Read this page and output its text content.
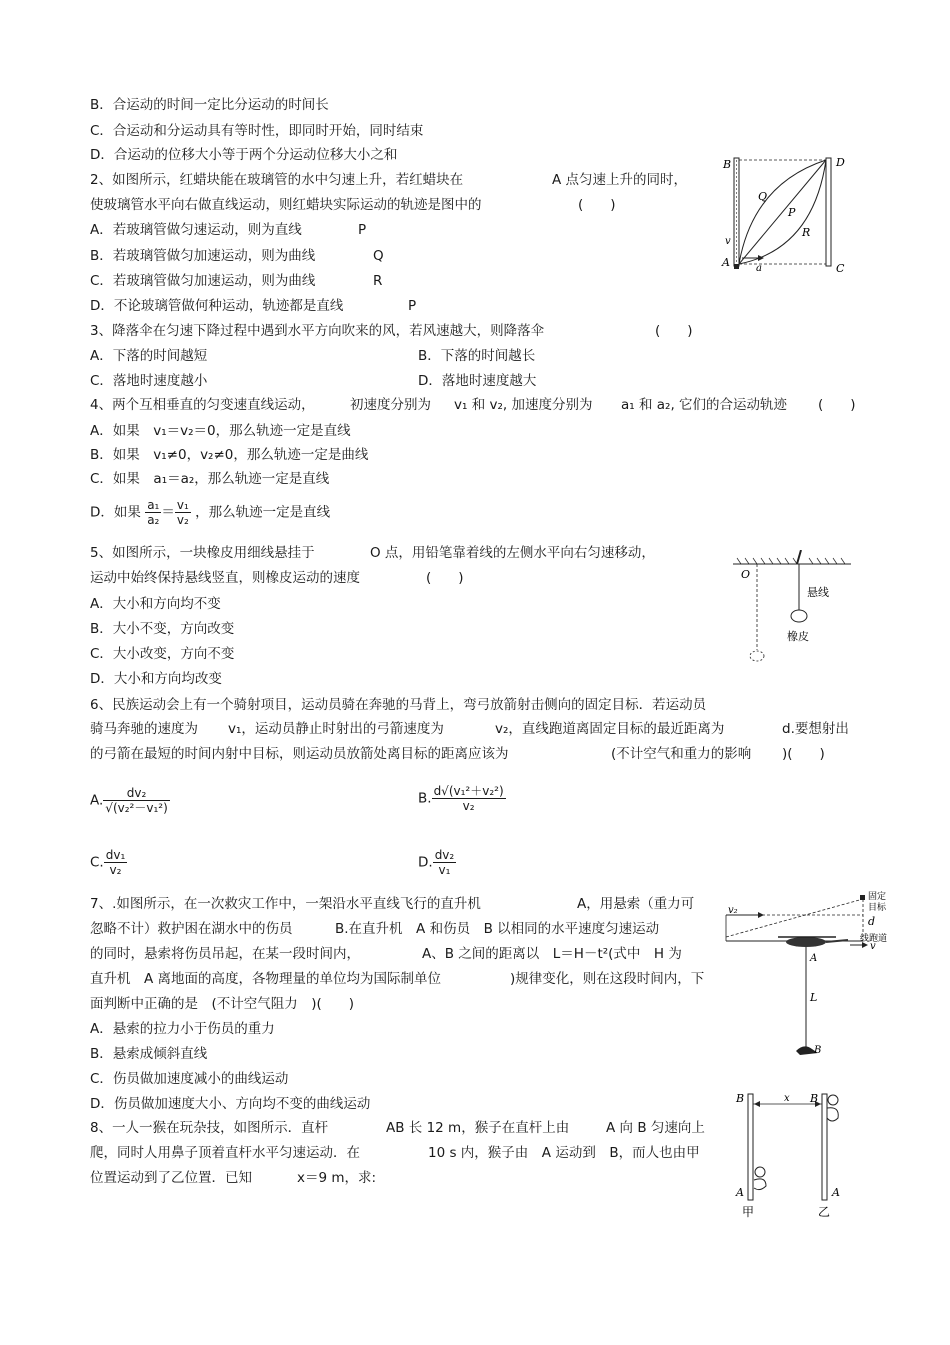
B．合运动的时间一定比分运动的时间长
C．合运动和分运动具有等时性，即同时开始，同时结束
D．合运动的位移大小等于两个分运动位移大小之和
2、如图所示，红蜡块能在玻璃管的水中匀速上升，若红蜡块在	A 点匀速上升的同时，
使玻璃管水平向右做直线运动，则红蜡块实际运动的轨迹是图中的	(　　)
A．若玻璃管做匀速运动，则为直线	P
B．若玻璃管做匀加速运动，则为曲线	Q
C．若玻璃管做匀加速运动，则为曲线	R
D．不论玻璃管做何种运动，轨迹都是直线	P
B	D
Q
P
R
v
A	a	C
3、降落伞在匀速下降过程中遇到水平方向吹来的风，若风速越大，则降落伞	(　　)
A．下落的时间越短	B．下落的时间越长
C．落地时速度越小	D．落地时速度越大
4、两个互相垂直的匀变速直线运动，	初速度分别为 v₁ 和 v₂, 加速度分别为 a₁ 和 a₂, 它们的合运动轨迹 (　　)
A．如果　v₁＝v₂＝0，那么轨迹一定是直线
B．如果　v₁≠0，v₂≠0，那么轨迹一定是曲线
C．如果　a₁＝a₂，那么轨迹一定是直线
D．如果 $\frac{\text{a₁}}{\text{a₂}} = \frac{\text{v₁}}{\text{v₂}}$ ，那么轨迹一定是直线
5、如图所示，一块橡皮用细线悬挂于	O 点，用铅笔靠着线的左侧水平向右匀速移动，
运动中始终保持悬线竖直，则橡皮运动的速度	(　　)
A．大小和方向均不变
B．大小不变，方向改变
C．大小改变，方向不变
D．大小和方向均改变
O
悬线
橡皮
6、民族运动会上有一个骑射项目，运动员骑在奔驰的马背上，弯弓放箭射击侧向的固定目标．若运动员
骑马奔驰的速度为 v₁，运动员静止时射出的弓箭速度为	v₂，直线跑道离固定目标的最近距离为	d.要想射出
的弓箭在最短的时间内射中目标，则运动员放箭处离目标的距离应该为	(不计空气和重力的影响 )(　　)
A. $\frac{\text{dv₂}}{\text{√(v₂²－v₁²)}}$	B. $\frac{\text{d√(v₁²＋v₂²)}}{\text{v₂}}$
C. $\frac{\text{dv₁}}{\text{v₂}}$	D. $\frac{\text{dv₂}}{\text{v₁}}$
7、.如图所示，在一次救灾工作中，一架沿水平直线飞行的直升机	A，用悬索（重力可
忽略不计）救护困在湖水中的伤员	B.在直升机　A 和伤员　B 以相同的水平速度匀速运动
的同时，悬索将伤员吊起，在某一段时间内，	A、B 之间的距离以　L＝H－t²(式中　H 为
直升机　A 离地面的高度，各物理量的单位均为国际制单位	)规律变化，则在这段时间内，下
面判断中正确的是　(不计空气阻力　)(　　)
A．悬索的拉力小于伤员的重力
B．悬索成倾斜直线
C．伤员做加速度减小的曲线运动
D．伤员做加速度大小、方向均不变的曲线运动
v₂
固定
目标
d
线跑道
v
A
L
B
8、一人一猴在玩杂技，如图所示．直杆	AB 长 12 m，猴子在直杆上由	A 向 B 匀速向上
爬，同时人用鼻子顶着直杆水平匀速运动．在	10 s 内，猴子由　A 运动到　B，而人也由甲
位置运动到了乙位置．已知	x＝9 m，求:
B	x B
A	A
甲	乙
